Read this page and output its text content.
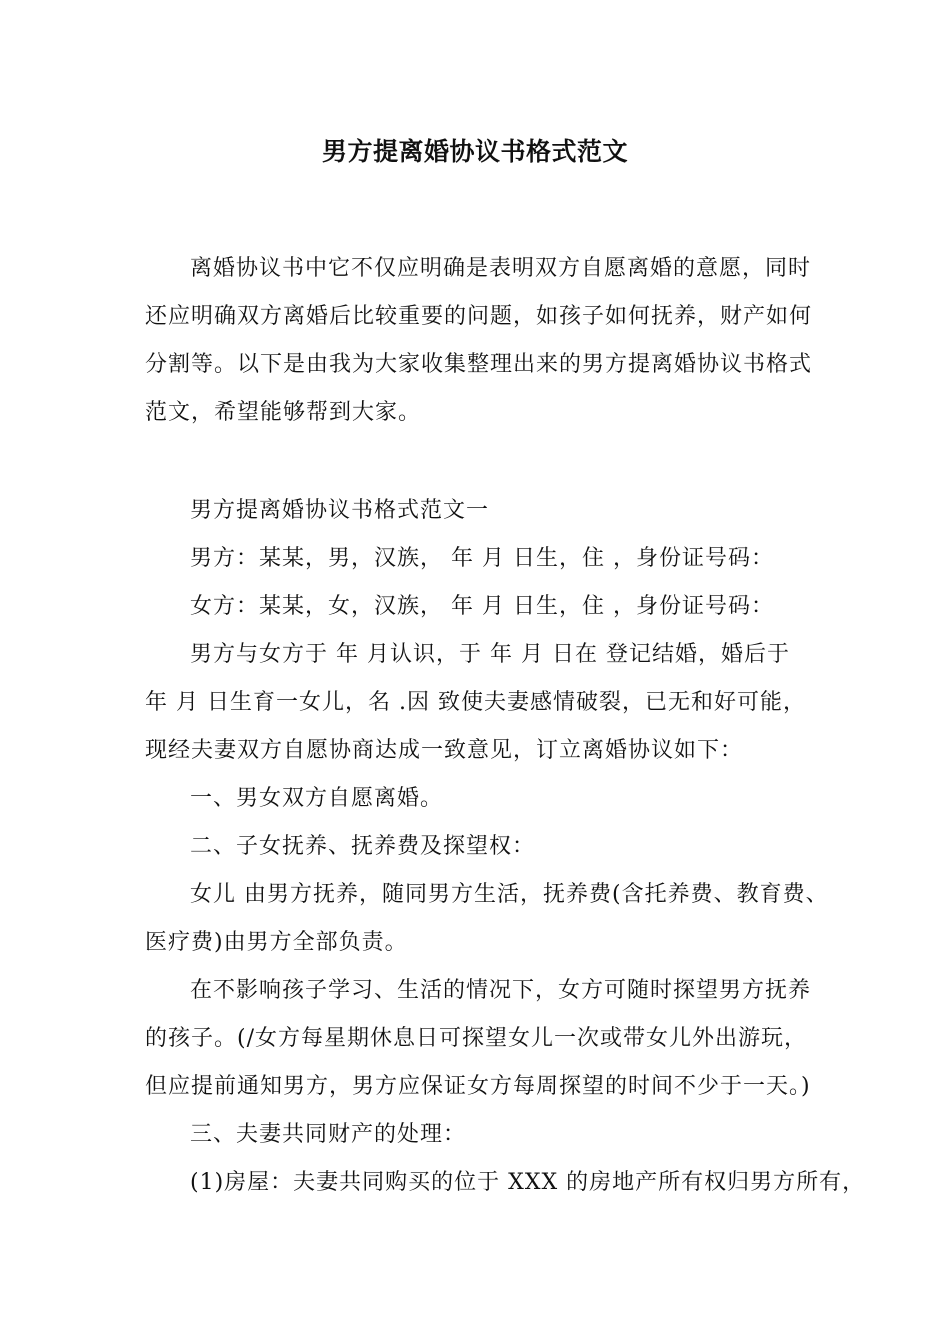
男方提离婚协议书格式范文
离婚协议书中它不仅应明确是表明双方自愿离婚的意愿，同时
还应明确双方离婚后比较重要的问题，如孩子如何抚养，财产如何
分割等。以下是由我为大家收集整理出来的男方提离婚协议书格式
范文，希望能够帮到大家。
男方提离婚协议书格式范文一
男方：某某，男，汉族， 年 月 日生，住 ，身份证号码：
女方：某某，女，汉族， 年 月 日生，住 ，身份证号码：
男方与女方于 年 月认识，于 年 月 日在 登记结婚，婚后于
年 月 日生育一女儿，名 .因 致使夫妻感情破裂，已无和好可能，
现经夫妻双方自愿协商达成一致意见，订立离婚协议如下：
一、男女双方自愿离婚。
二、子女抚养、抚养费及探望权：
女儿 由男方抚养，随同男方生活，抚养费(含托养费、教育费、
医疗费)由男方全部负责。
在不影响孩子学习、生活的情况下，女方可随时探望男方抚养
的孩子。(/女方每星期休息日可探望女儿一次或带女儿外出游玩，
但应提前通知男方，男方应保证女方每周探望的时间不少于一天。)
三、夫妻共同财产的处理：
(1)房屋：夫妻共同购买的位于 XXX 的房地产所有权归男方所有，
